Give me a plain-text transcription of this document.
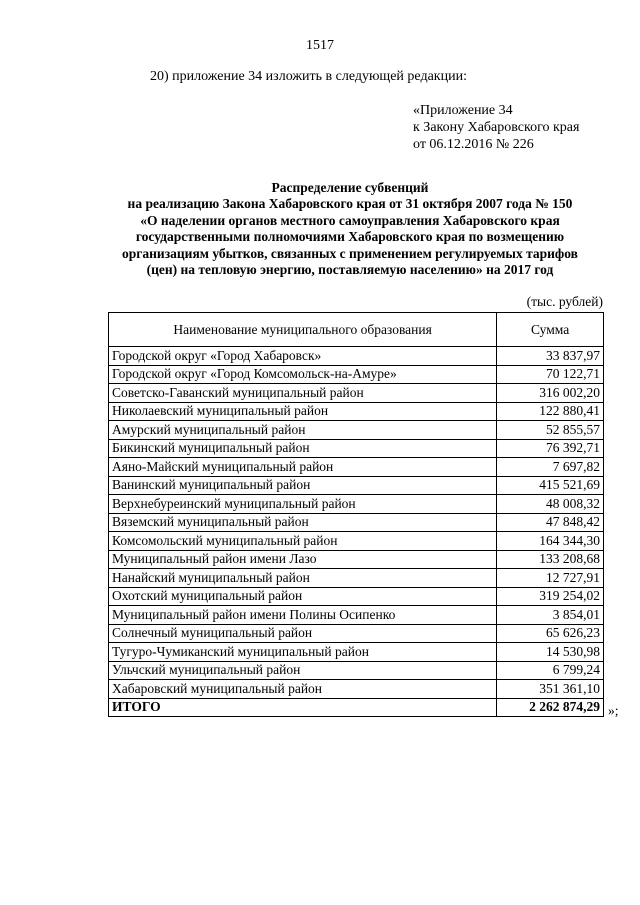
1517
20) приложение 34 изложить в следующей редакции:
«Приложение 34
к Закону Хабаровского края
от 06.12.2016 № 226
Распределение субвенций
на реализацию Закона Хабаровского края от 31 октября 2007 года № 150
«О наделении органов местного самоуправления Хабаровского края
государственными полномочиями Хабаровского края по возмещению
организациям убытков, связанных с применением регулируемых тарифов
(цен) на тепловую энергию, поставляемую населению» на 2017 год
(тыс. рублей)
Наименование муниципального образования	Сумма
Городской округ «Город Хабаровск»	33 837,97
Городской округ «Город Комсомольск-на-Амуре»	70 122,71
Советско-Гаванский муниципальный район	316 002,20
Николаевский муниципальный район	122 880,41
Амурский муниципальный район	52 855,57
Бикинский муниципальный район	76 392,71
Аяно-Майский муниципальный район	7 697,82
Ванинский муниципальный район	415 521,69
Верхнебуреинский муниципальный район	48 008,32
Вяземский муниципальный район	47 848,42
Комсомольский муниципальный район	164 344,30
Муниципальный район имени Лазо	133 208,68
Нанайский муниципальный район	12 727,91
Охотский муниципальный район	319 254,02
Муниципальный район имени Полины Осипенко	3 854,01
Солнечный муниципальный район	65 626,23
Тугуро-Чумиканский муниципальный район	14 530,98
Ульчский муниципальный район	6 799,24
Хабаровский муниципальный район	351 361,10
ИТОГО	2 262 874,29 »;
